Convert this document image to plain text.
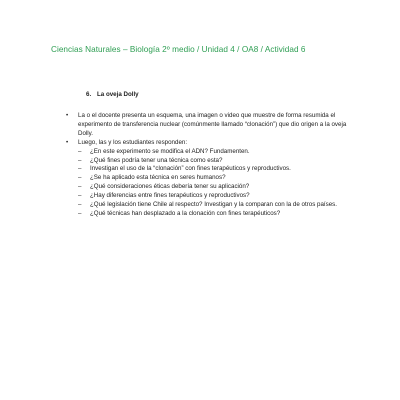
Ciencias Naturales – Biología 2º medio / Unidad 4 / OA8 / Actividad 6
6. La oveja Dolly
• La o el docente presenta un esquema, una imagen o video que muestre de forma resumida el experimento de transferencia nuclear (comúnmente llamado “clonación”) que dio origen a la oveja Dolly.
• Luego, las y los estudiantes responden:
– ¿En este experimento se modifica el ADN? Fundamenten.
– ¿Qué fines podría tener una técnica como esta?
– Investigan el uso de la “clonación” con fines terapéuticos y reproductivos.
– ¿Se ha aplicado esta técnica en seres humanos?
– ¿Qué consideraciones éticas debería tener su aplicación?
– ¿Hay diferencias entre fines terapéuticos y reproductivos?
– ¿Qué legislación tiene Chile al respecto? Investigan y la comparan con la de otros países.
– ¿Qué técnicas han desplazado a la clonación con fines terapéuticos?
